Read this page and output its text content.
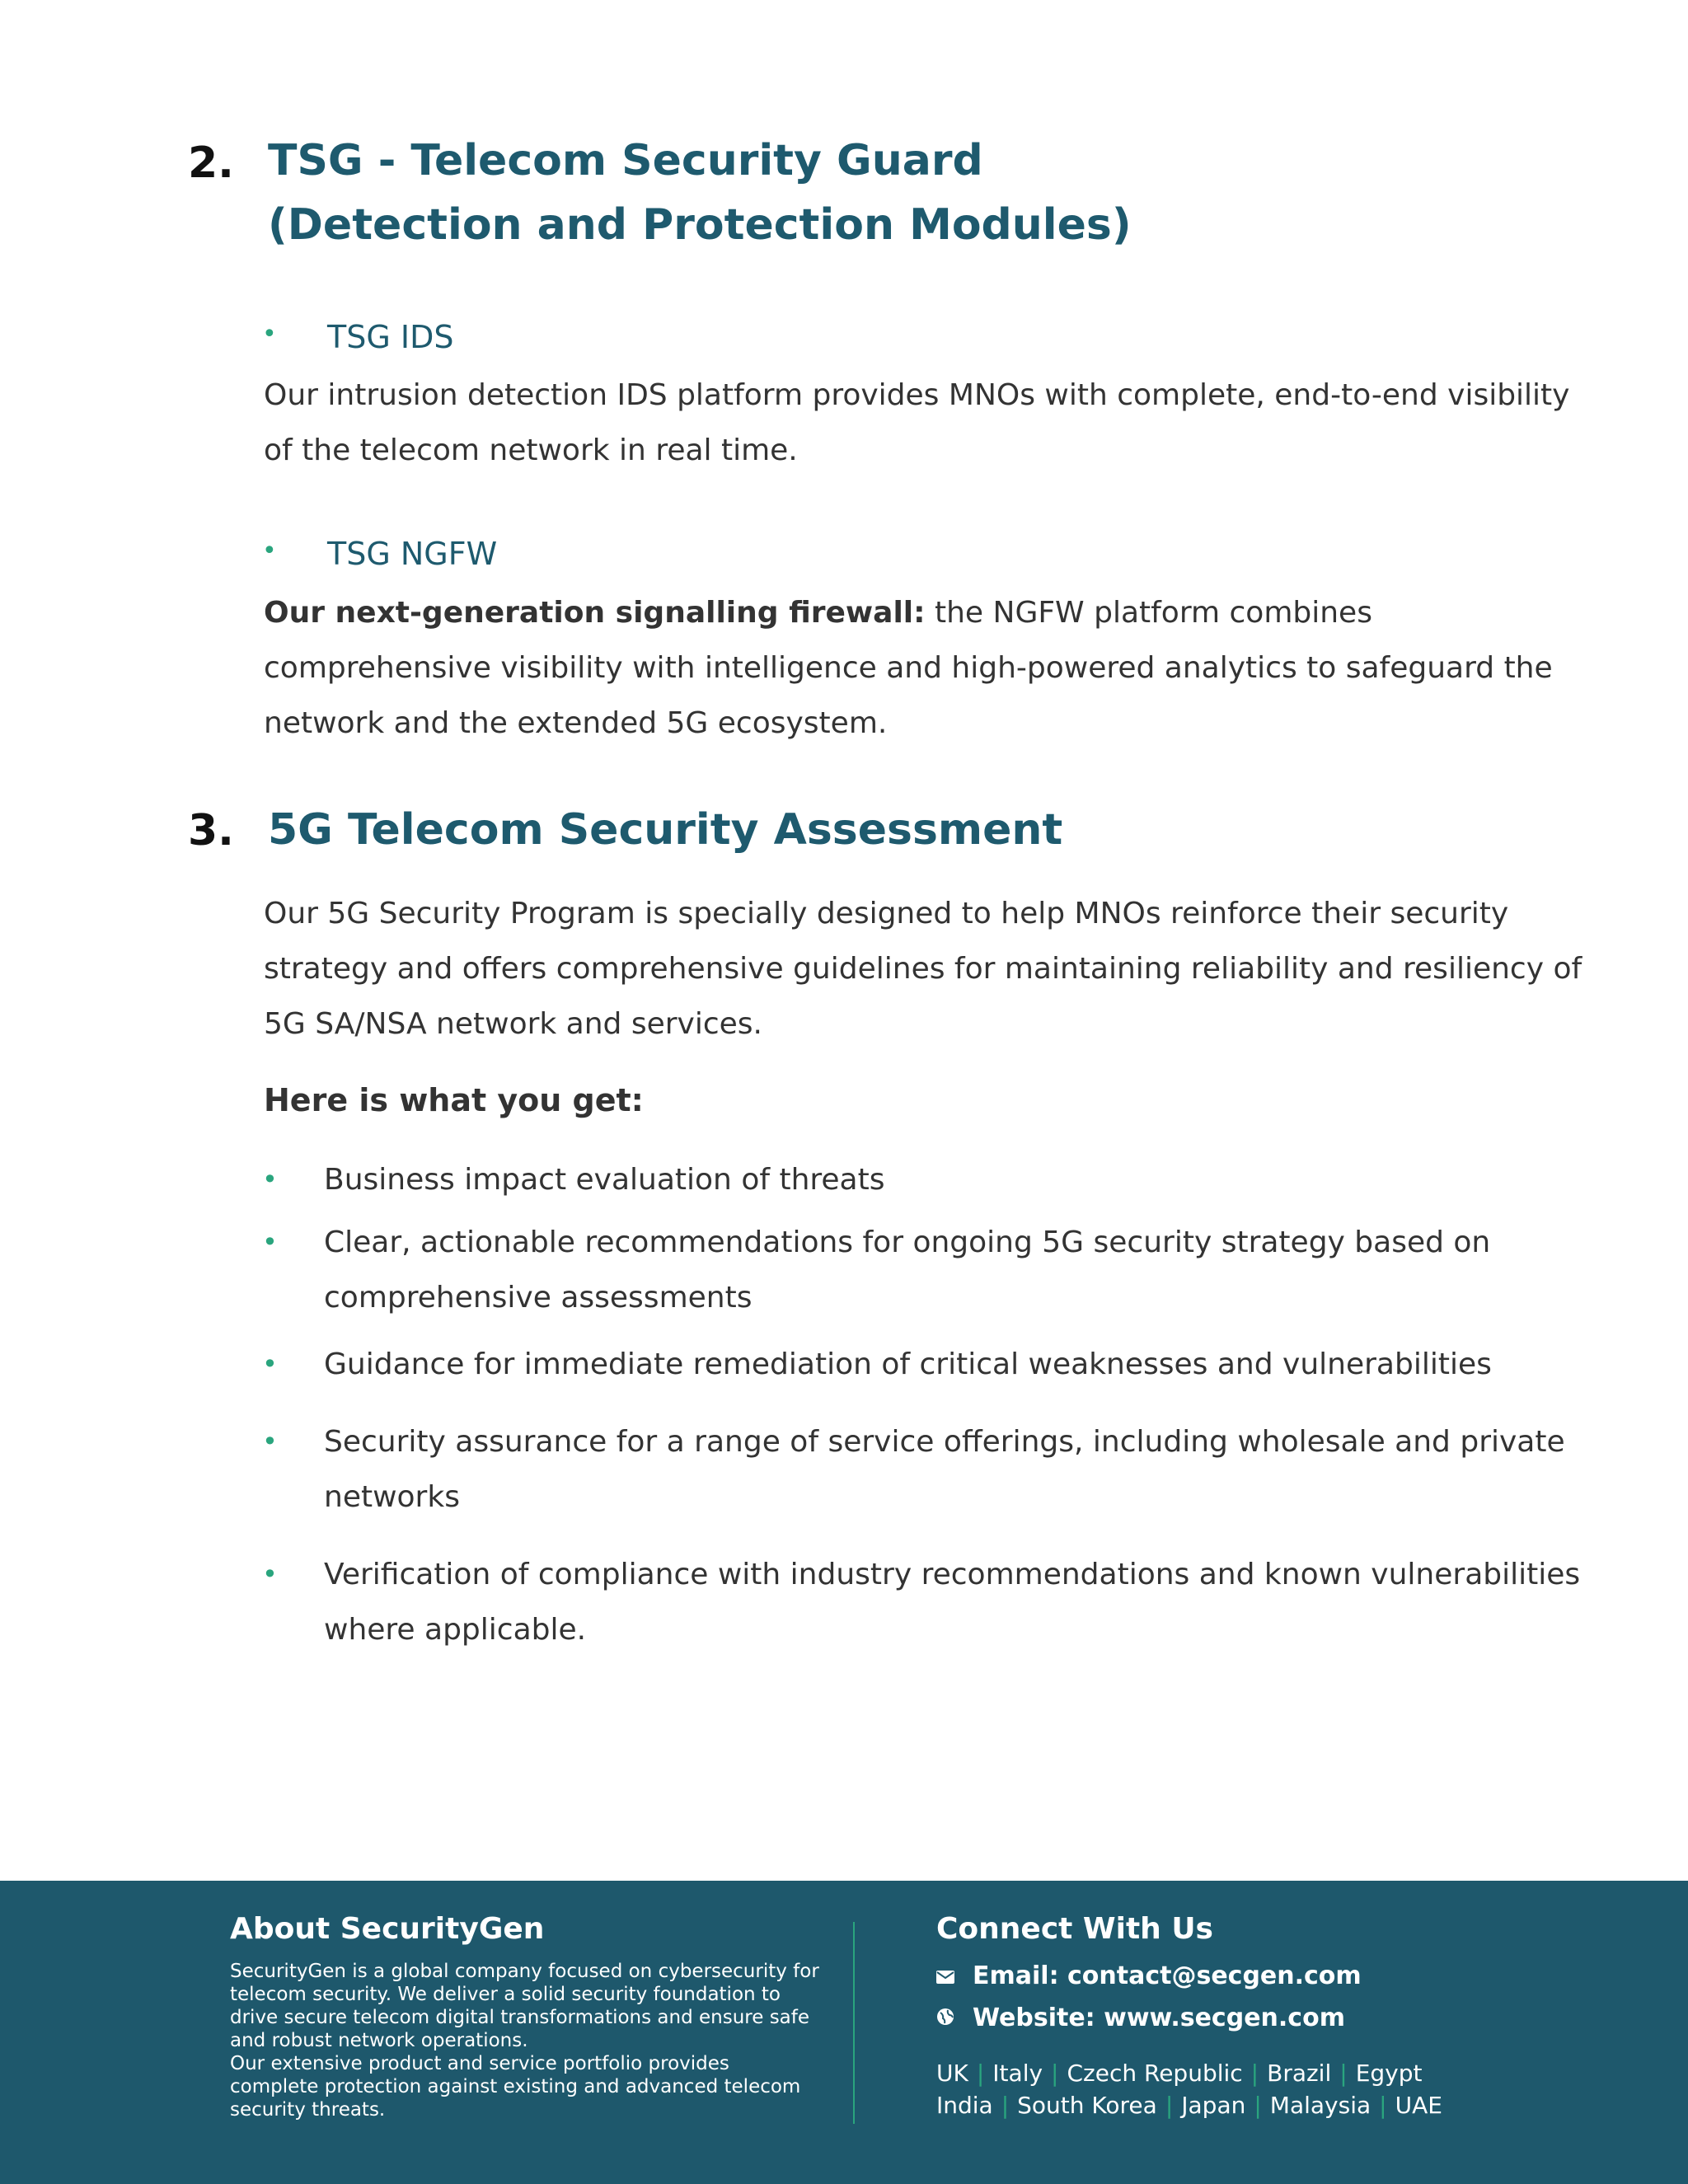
2. TSG - Telecom Security Guard
(Detection and Protection Modules)
• TSG IDS
Our intrusion detection IDS platform provides MNOs with complete, end-to-end visibility of the telecom network in real time.
• TSG NGFW
Our next-generation signalling firewall: the NGFW platform combines comprehensive visibility with intelligence and high-powered analytics to safeguard the network and the extended 5G ecosystem.
3. 5G Telecom Security Assessment
Our 5G Security Program is specially designed to help MNOs reinforce their security strategy and offers comprehensive guidelines for maintaining reliability and resiliency of 5G SA/NSA network and services.
Here is what you get:
• Business impact evaluation of threats
• Clear, actionable recommendations for ongoing 5G security strategy based on comprehensive assessments
• Guidance for immediate remediation of critical weaknesses and vulnerabilities
• Security assurance for a range of service offerings, including wholesale and private networks
• Verification of compliance with industry recommendations and known vulnerabilities where applicable.
About SecurityGen

SecurityGen is a global company focused on cybersecurity for telecom security. We deliver a solid security foundation to drive secure telecom digital transformations and ensure safe and robust network operations.

Our extensive product and service portfolio provides complete protection against existing and advanced telecom security threats.

Connect With Us
Email: contact@secgen.com
Website: www.secgen.com
UK | Italy | Czech Republic | Brazil | Egypt
India | South Korea | Japan | Malaysia | UAE
